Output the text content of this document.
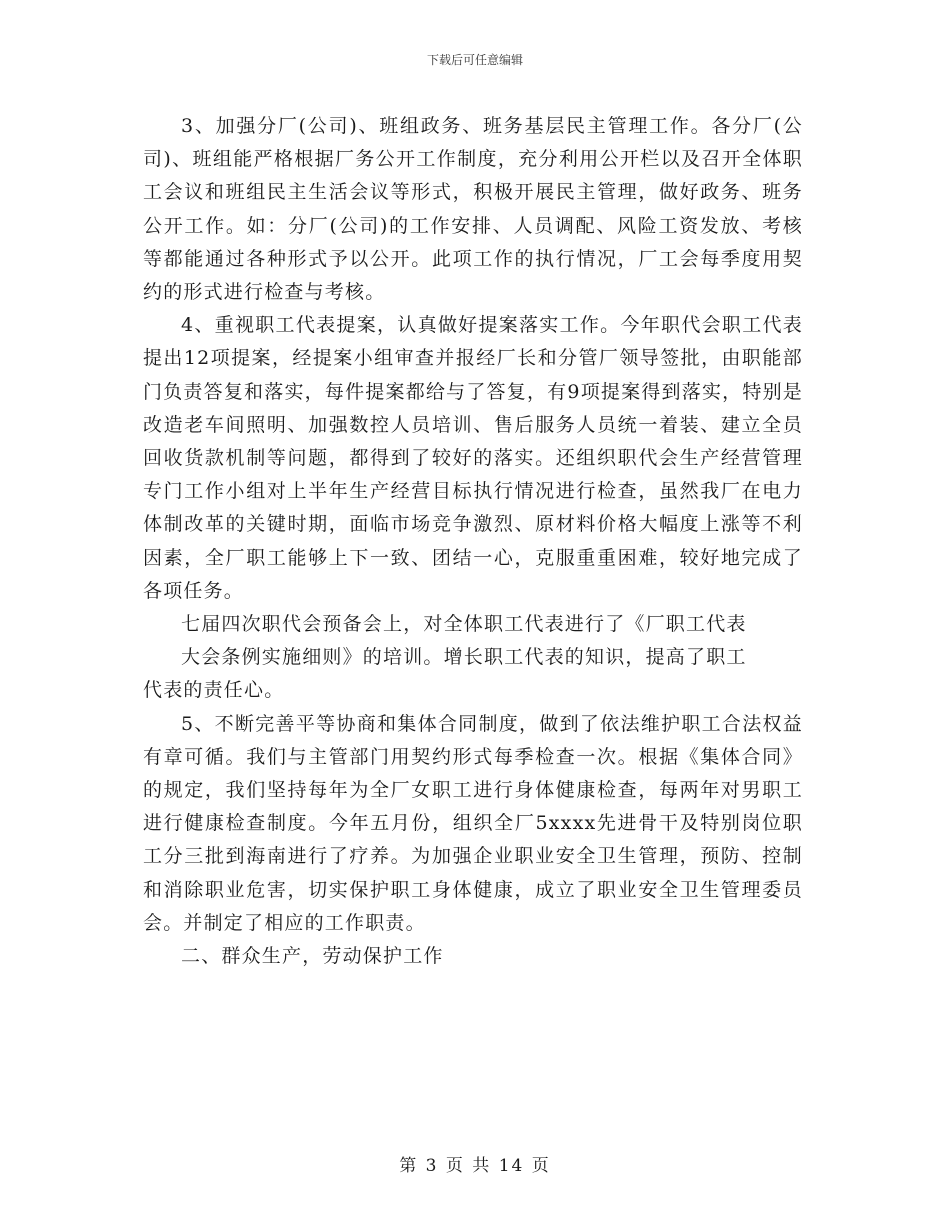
下载后可任意编辑

3、加强分厂(公司)、班组政务、班务基层民主管理工作。各分厂(公司)、班组能严格根据厂务公开工作制度，充分利用公开栏以及召开全体职工会议和班组民主生活会议等形式，积极开展民主管理，做好政务、班务公开工作。如：分厂(公司)的工作安排、人员调配、风险工资发放、考核等都能通过各种形式予以公开。此项工作的执行情况，厂工会每季度用契约的形式进行检查与考核。

4、重视职工代表提案，认真做好提案落实工作。今年职代会职工代表提出12项提案，经提案小组审查并报经厂长和分管厂领导签批，由职能部门负责答复和落实，每件提案都给与了答复，有9项提案得到落实，特别是改造老车间照明、加强数控人员培训、售后服务人员统一着装、建立全员回收货款机制等问题，都得到了较好的落实。还组织职代会生产经营管理专门工作小组对上半年生产经营目标执行情况进行检查，虽然我厂在电力体制改革的关键时期，面临市场竞争激烈、原材料价格大幅度上涨等不利因素，全厂职工能够上下一致、团结一心，克服重重困难，较好地完成了各项任务。

七届四次职代会预备会上，对全体职工代表进行了《厂职工代表
大会条例实施细则》的培训。增长职工代表的知识，提高了职工
代表的责任心。

5、不断完善平等协商和集体合同制度，做到了依法维护职工合法权益有章可循。我们与主管部门用契约形式每季检查一次。根据《集体合同》的规定，我们坚持每年为全厂女职工进行身体健康检查，每两年对男职工进行健康检查制度。今年五月份，组织全厂5xxxx先进骨干及特别岗位职工分三批到海南进行了疗养。为加强企业职业安全卫生管理，预防、控制和消除职业危害，切实保护职工身体健康，成立了职业安全卫生管理委员会。并制定了相应的工作职责。

二、群众生产，劳动保护工作

第 3 页 共 14 页
